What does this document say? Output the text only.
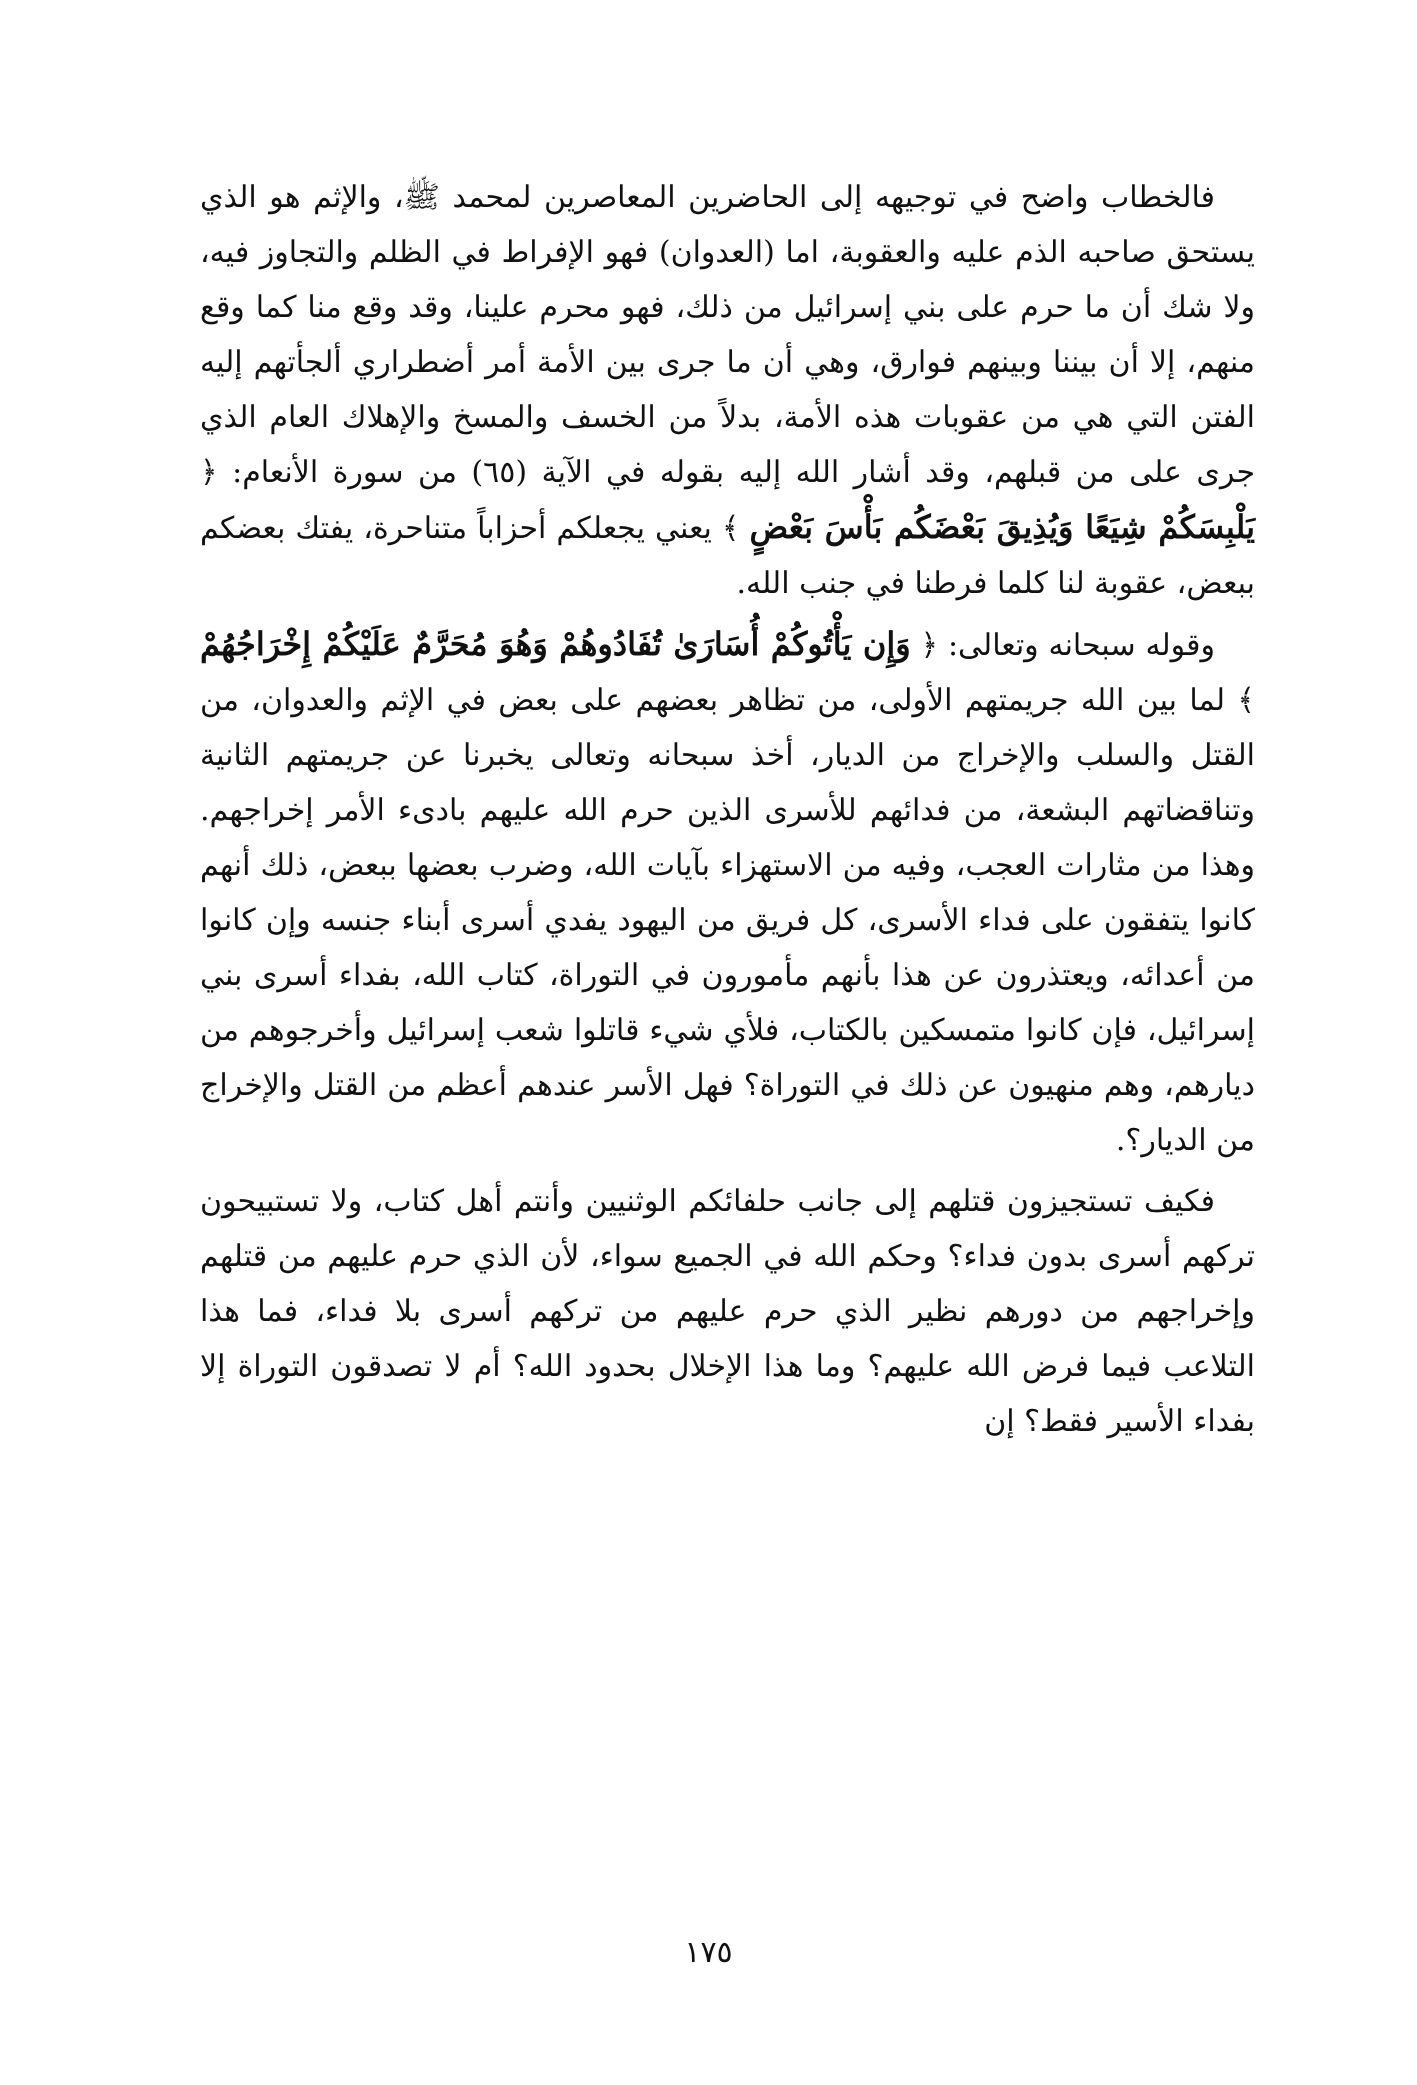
فالخطاب واضح في توجيهه إلى الحاضرين المعاصرين لمحمد ﷺ، والإثم هو الذي يستحق صاحبه الذم عليه والعقوبة، اما (العدوان) فهو الإفراط في الظلم والتجاوز فيه، ولا شك أن ما حرم على بني إسرائيل من ذلك، فهو محرم علينا، وقد وقع منا كما وقع منهم، إلا أن بيننا وبينهم فوارق، وهي أن ما جرى بين الأمة أمر أضطراري ألجأتهم إليه الفتن التي هي من عقوبات هذه الأمة، بدلاً من الخسف والمسخ والإهلاك العام الذي جرى على من قبلهم، وقد أشار الله إليه بقوله في الآية (٦٥) من سورة الأنعام: ﴿ يَلْبِسَكُمْ شِيَعًا وَيُذِيقَ بَعْضَكُم بَأْسَ بَعْضٍ ﴾ يعني يجعلكم أحزاباً متناحرة، يفتك بعضكم ببعض، عقوبة لنا كلما فرطنا في جنب الله.

وقوله سبحانه وتعالى: ﴿ وَإِن يَأْتُوكُمْ أُسَارَىٰ تُفَادُوهُمْ وَهُوَ مُحَرَّمٌ عَلَيْكُمْ إِخْرَاجُهُمْ ﴾ لما بين الله جريمتهم الأولى، من تظاهر بعضهم على بعض في الإثم والعدوان، من القتل والسلب والإخراج من الديار، أخذ سبحانه وتعالى يخبرنا عن جريمتهم الثانية وتناقضاتهم البشعة، من فدائهم للأسرى الذين حرم الله عليهم بادىء الأمر إخراجهم. وهذا من مثارات العجب، وفيه من الاستهزاء بآيات الله، وضرب بعضها ببعض، ذلك أنهم كانوا يتفقون على فداء الأسرى، كل فريق من اليهود يفدي أسرى أبناء جنسه وإن كانوا من أعدائه، ويعتذرون عن هذا بأنهم مأمورون في التوراة، كتاب الله، بفداء أسرى بني إسرائيل، فإن كانوا متمسكين بالكتاب، فلأي شيء قاتلوا شعب إسرائيل وأخرجوهم من ديارهم، وهم منهيون عن ذلك في التوراة؟ فهل الأسر عندهم أعظم من القتل والإخراج من الديار؟.

فكيف تستجيزون قتلهم إلى جانب حلفائكم الوثنيين وأنتم أهل كتاب، ولا تستبيحون تركهم أسرى بدون فداء؟ وحكم الله في الجميع سواء، لأن الذي حرم عليهم من قتلهم وإخراجهم من دورهم نظير الذي حرم عليهم من تركهم أسرى بلا فداء، فما هذا التلاعب فيما فرض الله عليهم؟ وما هذا الإخلال بحدود الله؟ أم لا تصدقون التوراة إلا بفداء الأسير فقط؟ إن

١٧٥
